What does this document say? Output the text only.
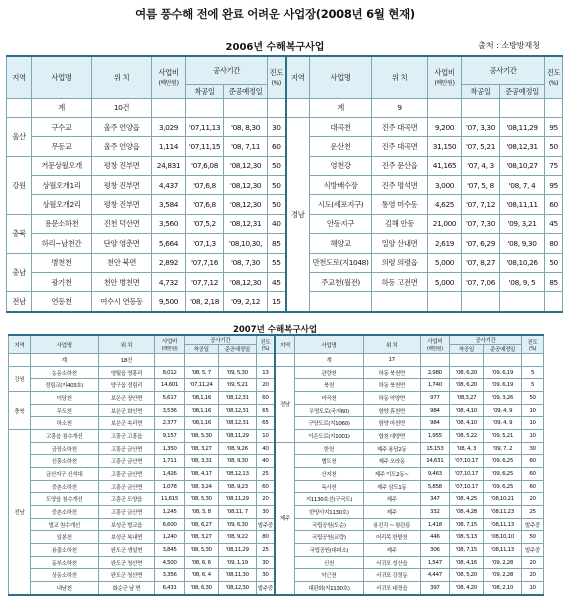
여름 풍수해 전에 완료 어려운 사업장(2008년 6월 현재)
2006년 수해복구사업	출처 : 소방방재청
지역	사업명	위 치	사업비
(백만원)	공사기간		진도
(%)	지역	사업명	위 치	사업비
(백만원)	공사기간		진도
(%)
				착공일	준공예정일						착공일	준공예정일	
	계	10건						계	9				
울산	구수교	울주 언양읍	3,029	'07,11,13	'08, 8,30	30	경남	대곡천	진주 대곡면	9,200	'07, 3,30	'08,11,29	95
	무동교	울주 언양읍	1,114	'07,11,15	'08, 7,11	60		운산천	진주 대곡면	31,150	'07, 5,21	'08,12,31	50
강원	거문상월오개	평창 진부면	24,831	'07,6,08	'08,12,30	50		영천강	진주 문산읍	41,165	'07, 4, 3	'08,10,27	75
	상월오개1리	평창 진부면	4,437	'07,6,8	'08,12,30	50		식방배수장	진주 명석면	3,000	'07, 5, 8	'08, 7, 4	95
	상월오개2리	평창 진부면	3,584	'07,6,8	'08,12,30	50		시도(세포지구)	통영 미수동	4,625	'07, 7,12	'08,11,11	60
충북	용문소하천	진천 덕산면	3,560	'07,5,2	'08,12,31	40		안동지구	김해 안동	21,000	'07, 7,30	'09, 3,21	45
	하리~남천간	단양 영춘면	5,664	'07,1,3	'08,10,30,	85		해양교	밀양 산내면	2,619	'07, 6,29	'08, 9,30	80
충남	병천천	천안 북면	2,892	'07,7,16	'08, 7,30	55		만천도로(지1048)	의령 의령읍	5,000	'07, 8,27	'08,10,26	50
	광기천	천안 병천면	4,732	'07,7,12	'08,12,30	45		주교천(월전)	하동 고전면	5,000	'07, 7,06	'08, 9, 5	85
전남	연등천	여수시 연등동	9,500	'08, 2,18	'09, 2,12	15							
2007년 수해복구사업
지역	사업명	위 치	사업비
(백만원)	공사기간		진도
(%)	지역	사업명	위 치	사업비
(백만원)	공사기간		진도
(%)
				착공일	준공예정일						착공일	준공예정일	
	계	18건						계	17				
강원	농동소하천	영월읍 영흥리	8,012	'08, 5, 7	'09, 5,30	13	경남	관량천	하동 북천면	2,980	'08, 6,20	'09, 6,19	5
	정림교(지403호)	양구읍 정림리	14,601	'07,11,24	'09, 5,21	20		북천	하동 북천면	1,740	'08, 6,20	'09, 6,19	5
충북	이담천	보은군 장안면	5,617	'08,1,16	'08,12,31	60		마곡천	하동 악양면	977	'08,3,27	'09, 3,26	50
	무도천	보은군 회인면	3,536	'08,1,16	'08,12,31	65		우명도로(국지60)	함양 휴천면	984	'08, 4,10	'09, 4, 9	10
	하소천	보은군 속리면	2,377	'08,1,16	'08,12,31	65		구양도로(지1060)	함양 마천면	984	'08, 4,10	'09, 4, 9	10
전남	고흥읍 침수개선	고흥군 고흥읍	9,157	'08, 5,30	'08,11,29	10		이은도로(지1001)	합천 대양면	1,955	'08, 5,22	'09, 5,21	10
	금장소하천	고흥군 금산면	1,350	'08, 3,27	'08, 9,26	40	제주	한천	제주 용담2동	15,153	'08, 4, 3	'09, 7, 2	30
	신흥소하천	고흥군 금산면	1,711	'08, 3,31	'08, 9,30	40		별도천	제주 오라동	14,631	'07,10,17	'09, 6,25	60
	금산지구 신석대	고흥군 금산면	1,426	'08, 4,17	'08,12,13	25		산지천	제주 이도2동~	9,463	'07,10,17	'09, 6,25	60
	중촌소하천	고흥군 금산면	1,078	'08, 3,24	'08, 9,23	60		독사천	제주 삼도1동	5,858	'07,10,17	'09, 6,25	60
	도양읍 침수개선	고흥군 도양읍	11,615	'08, 5,30	'08,11,29	20		지1130호선(구국도)	제주	347	'08, 4,25	'08,10,21	20
	중촌소하천	고흥군 금산면	1,245	'08, 3, 8	'08,11, 7	30		한양사지1130호)	제주	332	'08, 4,28	'08,11,23	25
	벌교 침수개선	보성군 벌교읍	6,600	'08, 6,27	'09, 6,30	발주중		국립공원(도순)	용진각 ~ 왕관릉	1,418	'08, 7,15	'08,11,13	발주중
	일봉천	보성군 복내면	1,240	'08, 3,27	'08, 9,22	80		국립공원(교량)	어리목 한밭천	446	'08, 5,13	'08,10,10	50
	용출소하천	완도군 생일면	3,845	'08, 5,30	'08,11,29	25		국립공원(대피소)	제주	306	'08, 7,15	'08,11,13	발주중
	동부소하천	완도군 청산면	4,500	'08, 6, 6	'09, 1,19	30		신천	서귀포 성산읍	1,547	'08, 4,16	'09, 2,28	20
	상동소하천	완도군 청산면	3,356	'08, 6, 4	'08,11,30	30		악근천	서귀포 강정동	4,447	'08, 5,20	'09, 2,28	20
	내남천	화순군 남 면	6,431	'08, 6,30	'08,12,30	발주중		대판화(지1130호)	서귀포 대정읍	397	'08, 4,20	'08, 2,10	10
